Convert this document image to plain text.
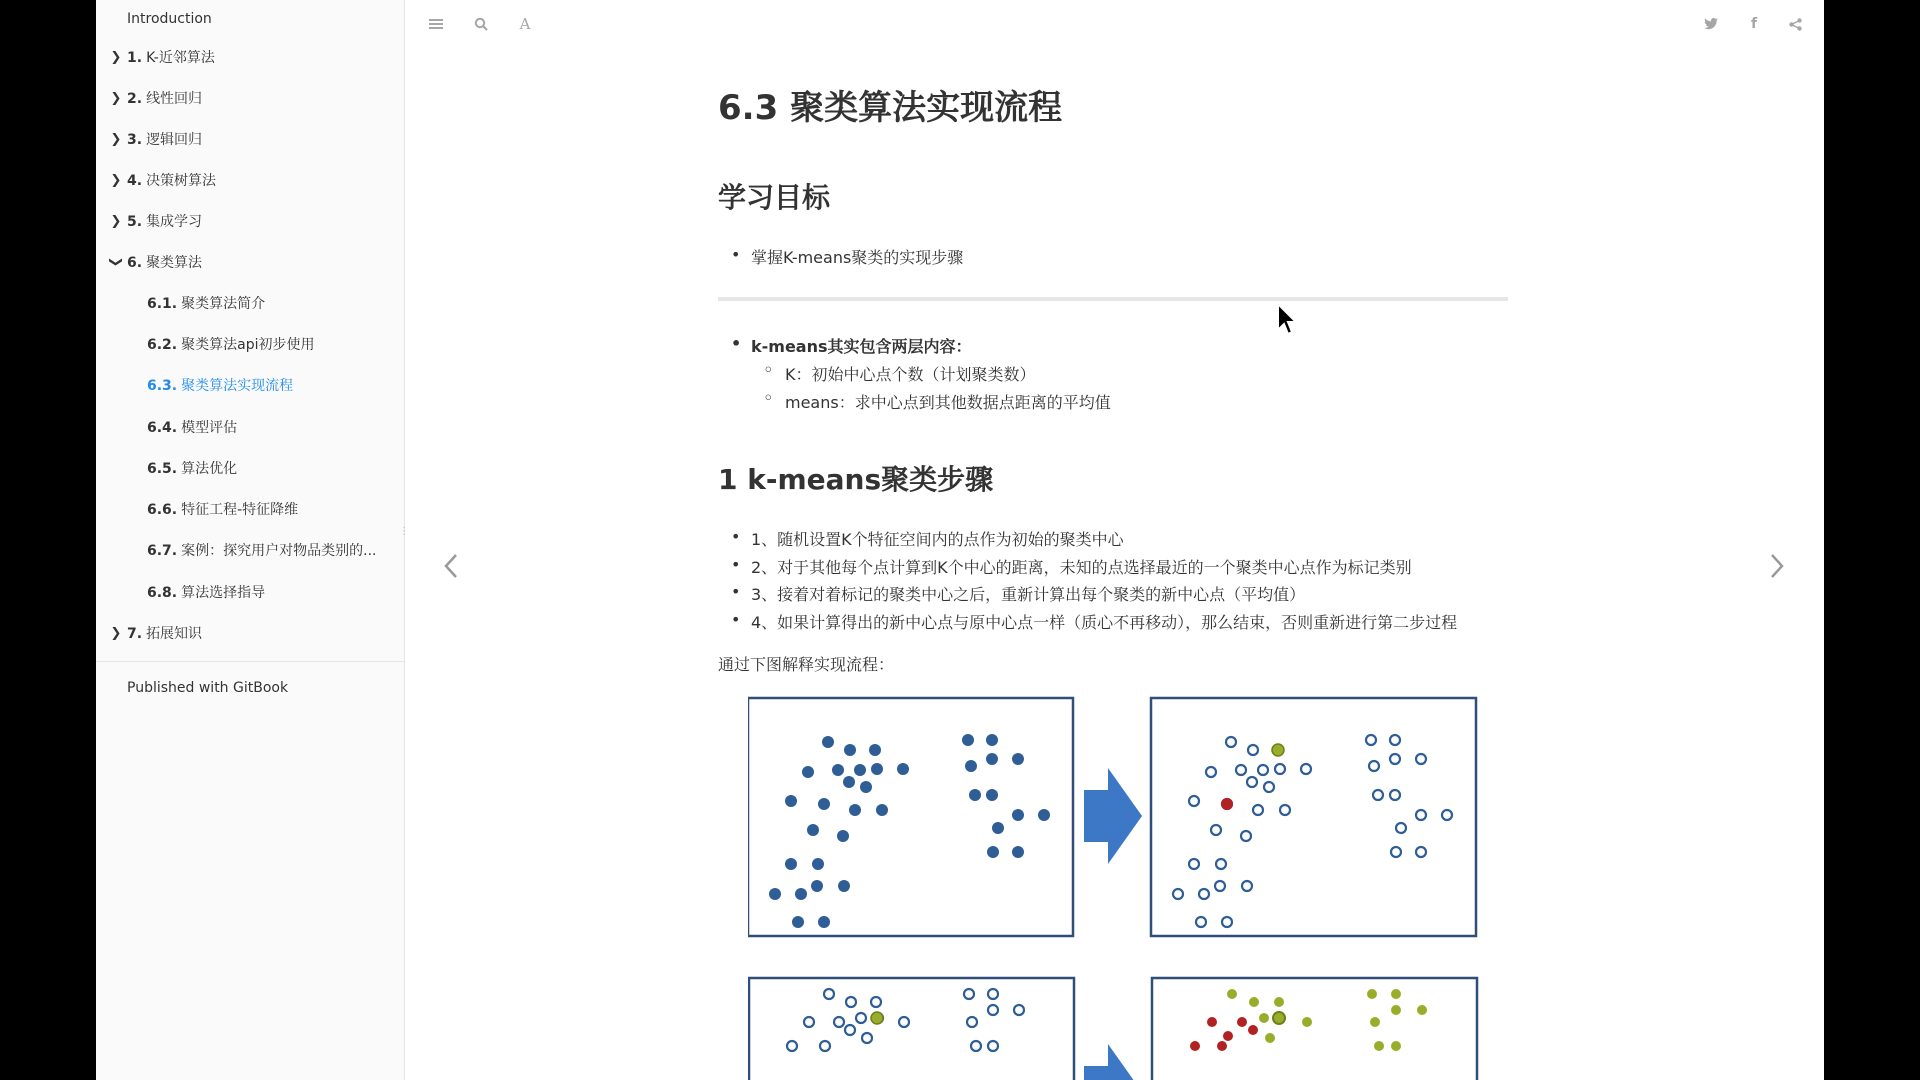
Introduction
❯ 1. K-近邻算法
❯ 2. 线性回归
❯ 3. 逻辑回归
❯ 4. 决策树算法
❯ 5. 集成学习
❯ 6. 聚类算法
6.1. 聚类算法简介
6.2. 聚类算法api初步使用
6.3. 聚类算法实现流程
6.4. 模型评估
6.5. 算法优化
6.6. 特征工程-特征降维
6.7. 案例：探究用户对物品类别的...
6.8. 算法选择指导
❯ 7. 拓展知识
Published with GitBook
⋮
A	f
6.3 聚类算法实现流程
学习目标
• 掌握K-means聚类的实现步骤
• k-means其实包含两层内容：
◦ K：初始中心点个数（计划聚类数）
◦ means：求中心点到其他数据点距离的平均值
1 k-means聚类步骤
• 1、随机设置K个特征空间内的点作为初始的聚类中心
• 2、对于其他每个点计算到K个中心的距离，未知的点选择最近的一个聚类中心点作为标记类别
• 3、接着对着标记的聚类中心之后，重新计算出每个聚类的新中心点（平均值）
• 4、如果计算得出的新中心点与原中心点一样（质心不再移动），那么结束，否则重新进行第二步过程
通过下图解释实现流程：
